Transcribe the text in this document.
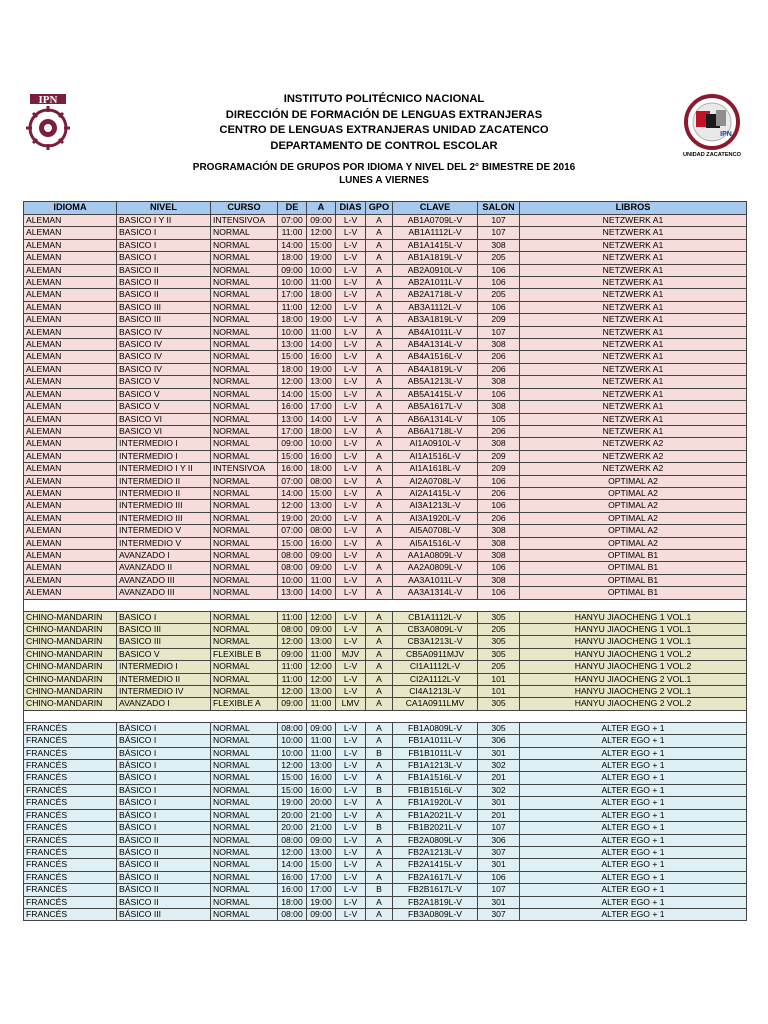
IPN
IPN
UNIDAD ZACATENCO
INSTITUTO POLITÉCNICO NACIONAL
DIRECCIÓN DE FORMACIÓN DE LENGUAS EXTRANJERAS
CENTRO DE LENGUAS EXTRANJERAS UNIDAD ZACATENCO
DEPARTAMENTO DE CONTROL ESCOLAR
PROGRAMACIÓN DE GRUPOS POR IDIOMA Y NIVEL DEL 2° BIMESTRE DE 2016
LUNES A VIERNES
IDIOMA	NIVEL	CURSO	DE	A	DIAS	GPO	CLAVE	SALON	LIBROS
ALEMAN	BASICO I Y II	INTENSIVOA	07:00	09:00	L-V	A	AB1A0709L-V	107	NETZWERK A1
ALEMAN	BASICO I	NORMAL	11:00	12:00	L-V	A	AB1A1112L-V	107	NETZWERK A1
ALEMAN	BASICO I	NORMAL	14:00	15:00	L-V	A	AB1A1415L-V	308	NETZWERK A1
ALEMAN	BASICO I	NORMAL	18:00	19:00	L-V	A	AB1A1819L-V	205	NETZWERK A1
ALEMAN	BASICO II	NORMAL	09:00	10:00	L-V	A	AB2A0910L-V	106	NETZWERK A1
ALEMAN	BASICO II	NORMAL	10:00	11:00	L-V	A	AB2A1011L-V	106	NETZWERK A1
ALEMAN	BASICO II	NORMAL	17:00	18:00	L-V	A	AB2A1718L-V	205	NETZWERK A1
ALEMAN	BASICO III	NORMAL	11:00	12:00	L-V	A	AB3A1112L-V	106	NETZWERK A1
ALEMAN	BASICO III	NORMAL	18:00	19:00	L-V	A	AB3A1819L-V	209	NETZWERK A1
ALEMAN	BASICO IV	NORMAL	10:00	11:00	L-V	A	AB4A1011L-V	107	NETZWERK A1
ALEMAN	BASICO IV	NORMAL	13:00	14:00	L-V	A	AB4A1314L-V	308	NETZWERK A1
ALEMAN	BASICO IV	NORMAL	15:00	16:00	L-V	A	AB4A1516L-V	206	NETZWERK A1
ALEMAN	BASICO IV	NORMAL	18:00	19:00	L-V	A	AB4A1819L-V	206	NETZWERK A1
ALEMAN	BASICO V	NORMAL	12:00	13:00	L-V	A	AB5A1213L-V	308	NETZWERK A1
ALEMAN	BASICO V	NORMAL	14:00	15:00	L-V	A	AB5A1415L-V	106	NETZWERK A1
ALEMAN	BASICO V	NORMAL	16:00	17:00	L-V	A	AB5A1617L-V	308	NETZWERK A1
ALEMAN	BASICO VI	NORMAL	13:00	14:00	L-V	A	AB6A1314L-V	105	NETZWERK A1
ALEMAN	BASICO VI	NORMAL	17:00	18:00	L-V	A	AB6A1718L-V	206	NETZWERK A1
ALEMAN	INTERMEDIO I	NORMAL	09:00	10:00	L-V	A	AI1A0910L-V	308	NETZWERK A2
ALEMAN	INTERMEDIO I	NORMAL	15:00	16:00	L-V	A	AI1A1516L-V	209	NETZWERK A2
ALEMAN	INTERMEDIO I Y II	INTENSIVOA	16:00	18:00	L-V	A	AI1A1618L-V	209	NETZWERK A2
ALEMAN	INTERMEDIO II	NORMAL	07:00	08:00	L-V	A	AI2A0708L-V	106	OPTIMAL A2
ALEMAN	INTERMEDIO II	NORMAL	14:00	15:00	L-V	A	AI2A1415L-V	206	OPTIMAL A2
ALEMAN	INTERMEDIO III	NORMAL	12:00	13:00	L-V	A	AI3A1213L-V	106	OPTIMAL A2
ALEMAN	INTERMEDIO III	NORMAL	19:00	20:00	L-V	A	AI3A1920L-V	206	OPTIMAL A2
ALEMAN	INTERMEDIO V	NORMAL	07:00	08:00	L-V	A	AI5A0708L-V	308	OPTIMAL A2
ALEMAN	INTERMEDIO V	NORMAL	15:00	16:00	L-V	A	AI5A1516L-V	308	OPTIMAL A2
ALEMAN	AVANZADO I	NORMAL	08:00	09:00	L-V	A	AA1A0809L-V	308	OPTIMAL B1
ALEMAN	AVANZADO II	NORMAL	08:00	09:00	L-V	A	AA2A0809L-V	106	OPTIMAL B1
ALEMAN	AVANZADO III	NORMAL	10:00	11:00	L-V	A	AA3A1011L-V	308	OPTIMAL B1
ALEMAN	AVANZADO III	NORMAL	13:00	14:00	L-V	A	AA3A1314L-V	106	OPTIMAL B1

CHINO-MANDARIN	BASICO I	NORMAL	11:00	12:00	L-V	A	CB1A1112L-V	305	HANYU JIAOCHENG 1 VOL.1
CHINO-MANDARIN	BASICO III	NORMAL	08:00	09:00	L-V	A	CB3A0809L-V	205	HANYU JIAOCHENG 1 VOL.1
CHINO-MANDARIN	BASICO III	NORMAL	12:00	13:00	L-V	A	CB3A1213L-V	305	HANYU JIAOCHENG 1 VOL.1
CHINO-MANDARIN	BASICO V	FLEXIBLE B	09:00	11:00	MJV	A	CB5A0911MJV	305	HANYU JIAOCHENG 1 VOL.2
CHINO-MANDARIN	INTERMEDIO I	NORMAL	11:00	12:00	L-V	A	CI1A1112L-V	205	HANYU JIAOCHENG 1 VOL.2
CHINO-MANDARIN	INTERMEDIO II	NORMAL	11:00	12:00	L-V	A	CI2A1112L-V	101	HANYU JIAOCHENG 2 VOL.1
CHINO-MANDARIN	INTERMEDIO IV	NORMAL	12:00	13:00	L-V	A	CI4A1213L-V	101	HANYU JIAOCHENG 2 VOL.1
CHINO-MANDARIN	AVANZADO I	FLEXIBLE A	09:00	11:00	LMV	A	CA1A0911LMV	305	HANYU JIAOCHENG 2 VOL.2

FRANCÉS	BÁSICO I	NORMAL	08:00	09:00	L-V	A	FB1A0809L-V	305	ALTER EGO + 1
FRANCÉS	BÁSICO I	NORMAL	10:00	11:00	L-V	A	FB1A1011L-V	306	ALTER EGO + 1
FRANCÉS	BÁSICO I	NORMAL	10:00	11:00	L-V	B	FB1B1011L-V	301	ALTER EGO + 1
FRANCÉS	BÁSICO I	NORMAL	12:00	13:00	L-V	A	FB1A1213L-V	302	ALTER EGO + 1
FRANCÉS	BÁSICO I	NORMAL	15:00	16:00	L-V	A	FB1A1516L-V	201	ALTER EGO + 1
FRANCÉS	BÁSICO I	NORMAL	15:00	16:00	L-V	B	FB1B1516L-V	302	ALTER EGO + 1
FRANCÉS	BÁSICO I	NORMAL	19:00	20:00	L-V	A	FB1A1920L-V	301	ALTER EGO + 1
FRANCÉS	BÁSICO I	NORMAL	20:00	21:00	L-V	A	FB1A2021L-V	201	ALTER EGO + 1
FRANCÉS	BÁSICO I	NORMAL	20:00	21:00	L-V	B	FB1B2021L-V	107	ALTER EGO + 1
FRANCÉS	BÁSICO II	NORMAL	08:00	09:00	L-V	A	FB2A0809L-V	306	ALTER EGO + 1
FRANCÉS	BÁSICO II	NORMAL	12:00	13:00	L-V	A	FB2A1213L-V	307	ALTER EGO + 1
FRANCÉS	BÁSICO II	NORMAL	14:00	15:00	L-V	A	FB2A1415L-V	301	ALTER EGO + 1
FRANCÉS	BÁSICO II	NORMAL	16:00	17:00	L-V	A	FB2A1617L-V	106	ALTER EGO + 1
FRANCÉS	BÁSICO II	NORMAL	16:00	17:00	L-V	B	FB2B1617L-V	107	ALTER EGO + 1
FRANCÉS	BÁSICO II	NORMAL	18:00	19:00	L-V	A	FB2A1819L-V	301	ALTER EGO + 1
FRANCÉS	BÁSICO III	NORMAL	08:00	09:00	L-V	A	FB3A0809L-V	307	ALTER EGO + 1
